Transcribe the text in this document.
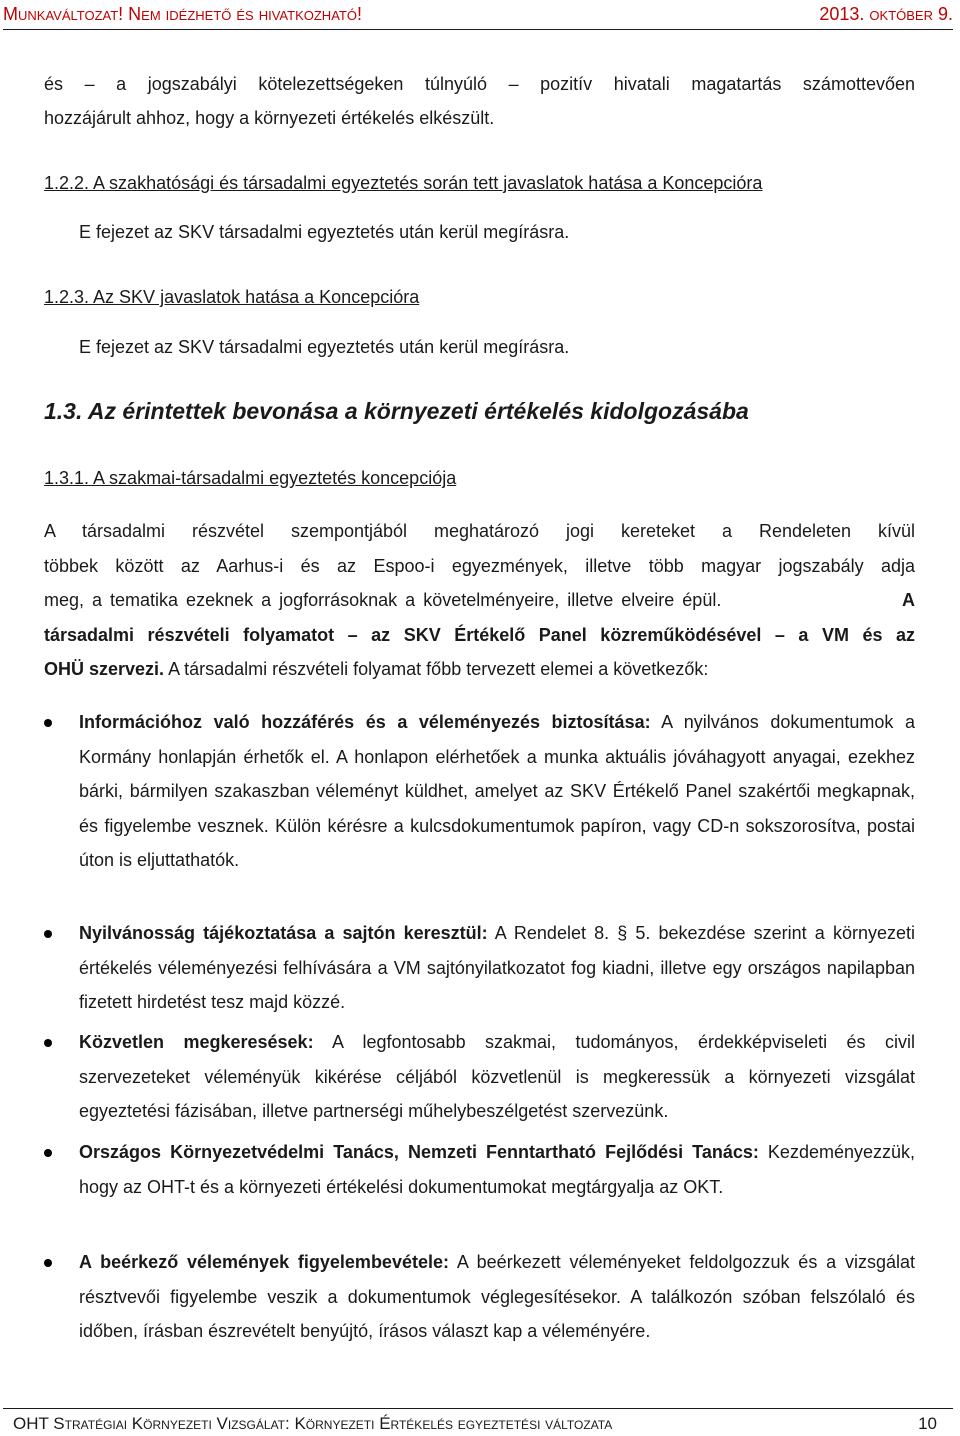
Munkaváltozat! Nem idézhető és hivatkozható!	2013. október 9.
és – a jogszabályi kötelezettségeken túlnyúló – pozitív hivatali magatartás számottevően
hozzájárult ahhoz, hogy a környezeti értékelés elkészült.
1.2.2. A szakhatósági és társadalmi egyeztetés során tett javaslatok hatása a Koncepcióra
E fejezet az SKV társadalmi egyeztetés után kerül megírásra.
1.2.3. Az SKV javaslatok hatása a Koncepcióra
E fejezet az SKV társadalmi egyeztetés után kerül megírásra.
1.3. Az érintettek bevonása a környezeti értékelés kidolgozásába
1.3.1. A szakmai-társadalmi egyeztetés koncepciója
A társadalmi részvétel szempontjából meghatározó jogi kereteket a Rendeleten kívül
többek között az Aarhus-i és az Espoo-i egyezmények, illetve több magyar jogszabály adja
meg, a tematika ezeknek a jogforrásoknak a követelményeire, illetve elveire épül.	A
társadalmi részvételi folyamatot – az SKV Értékelő Panel közreműködésével – a VM és az
OHÜ szervezi. A társadalmi részvételi folyamat főbb tervezett elemei a következők:
Információhoz való hozzáférés és a véleményezés biztosítása: A nyilvános dokumentumok a Kormány honlapján érhetők el. A honlapon elérhetőek a munka aktuális jóváhagyott anyagai, ezekhez bárki, bármilyen szakaszban véleményt küldhet, amelyet az SKV Értékelő Panel szakértői megkapnak, és figyelembe vesznek. Külön kérésre a kulcsdokumentumok papíron, vagy CD-n sokszorosítva, postai úton is eljuttathatók.
Nyilvánosság tájékoztatása a sajtón keresztül: A Rendelet 8. § 5. bekezdése szerint a környezeti értékelés véleményezési felhívására a VM sajtónyilatkozatot fog kiadni, illetve egy országos napilapban fizetett hirdetést tesz majd közzé.
Közvetlen megkeresések: A legfontosabb szakmai, tudományos, érdekképviseleti és civil szervezeteket véleményük kikérése céljából közvetlenül is megkeressük a környezeti vizsgálat egyeztetési fázisában, illetve partnerségi műhelybeszélgetést szervezünk.
Országos Környezetvédelmi Tanács, Nemzeti Fenntartható Fejlődési Tanács: Kezdeményezzük, hogy az OHT-t és a környezeti értékelési dokumentumokat megtárgyalja az OKT.
A beérkező vélemények figyelembevétele: A beérkezett véleményeket feldolgozzuk és a vizsgálat résztvevői figyelembe veszik a dokumentumok véglegesítésekor. A találkozón szóban felszólaló és időben, írásban észrevételt benyújtó, írásos választ kap a véleményére.
OHT Stratégiai Környezeti Vizsgálat: Környezeti Értékelés egyeztetési változata	10
